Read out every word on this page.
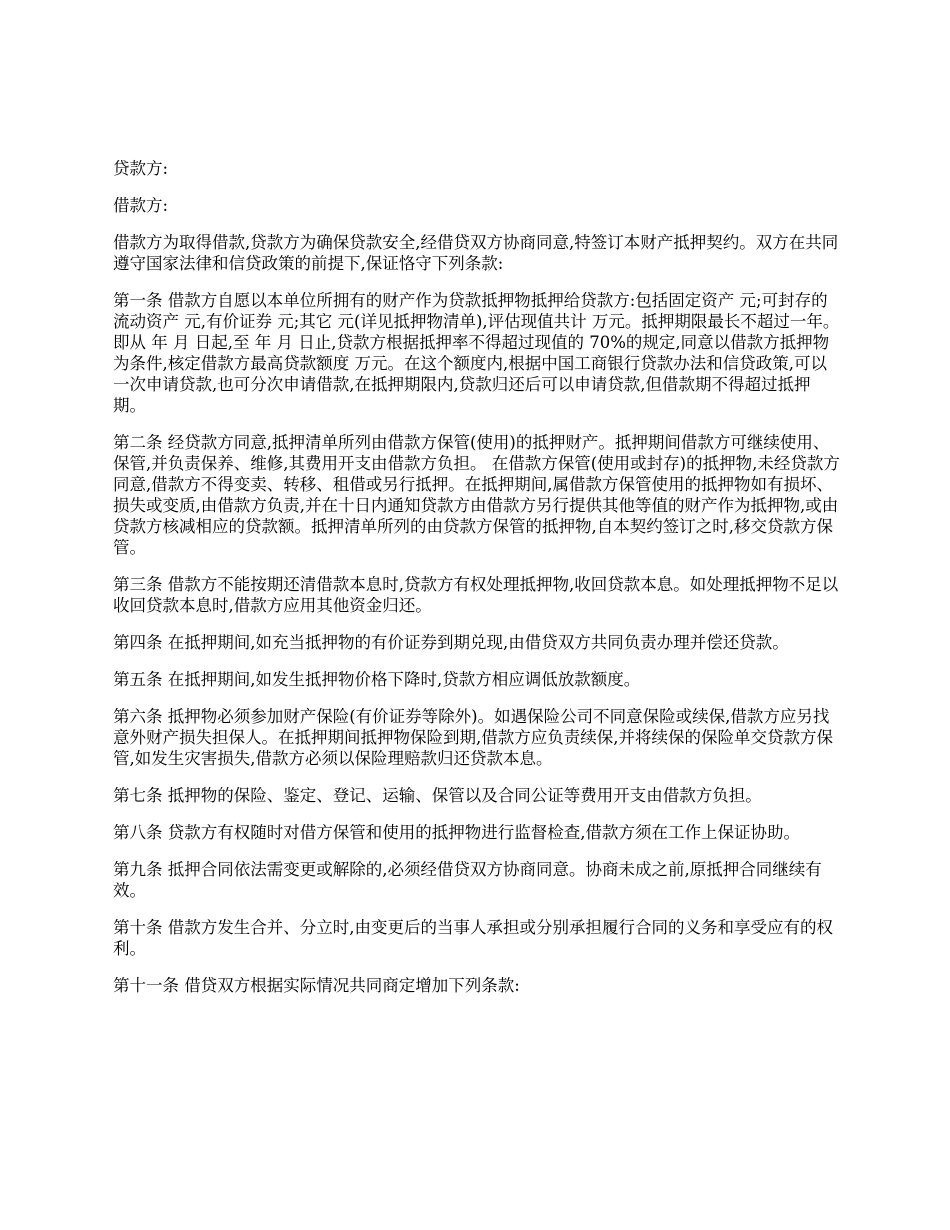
贷款方:

借款方:

借款方为取得借款,贷款方为确保贷款安全,经借贷双方协商同意,特签订本财产抵押契约。双方在共同遵守国家法律和信贷政策的前提下,保证恪守下列条款:

第一条 借款方自愿以本单位所拥有的财产作为贷款抵押物抵押给贷款方:包括固定资产 元;可封存的流动资产 元,有价证券 元;其它 元(详见抵押物清单),评估现值共计 万元。抵押期限最长不超过一年。即从 年 月 日起,至 年 月 日止,贷款方根据抵押率不得超过现值的 70%的规定,同意以借款方抵押物为条件,核定借款方最高贷款额度 万元。在这个额度内,根据中国工商银行贷款办法和信贷政策,可以一次申请贷款,也可分次申请借款,在抵押期限内,贷款归还后可以申请贷款,但借款期不得超过抵押期。

第二条 经贷款方同意,抵押清单所列由借款方保管(使用)的抵押财产。抵押期间借款方可继续使用、保管,并负责保养、维修,其费用开支由借款方负担。 在借款方保管(使用或封存)的抵押物,未经贷款方同意,借款方不得变卖、转移、租借或另行抵押。在抵押期间,属借款方保管使用的抵押物如有损坏、损失或变质,由借款方负责,并在十日内通知贷款方由借款方另行提供其他等值的财产作为抵押物,或由贷款方核减相应的贷款额。抵押清单所列的由贷款方保管的抵押物,自本契约签订之时,移交贷款方保管。

第三条 借款方不能按期还清借款本息时,贷款方有权处理抵押物,收回贷款本息。如处理抵押物不足以收回贷款本息时,借款方应用其他资金归还。

第四条 在抵押期间,如充当抵押物的有价证券到期兑现,由借贷双方共同负责办理并偿还贷款。

第五条 在抵押期间,如发生抵押物价格下降时,贷款方相应调低放款额度。

第六条 抵押物必须参加财产保险(有价证券等除外)。如遇保险公司不同意保险或续保,借款方应另找意外财产损失担保人。在抵押期间抵押物保险到期,借款方应负责续保,并将续保的保险单交贷款方保管,如发生灾害损失,借款方必须以保险理赔款归还贷款本息。

第七条 抵押物的保险、鉴定、登记、运输、保管以及合同公证等费用开支由借款方负担。

第八条 贷款方有权随时对借方保管和使用的抵押物进行监督检查,借款方须在工作上保证协助。

第九条 抵押合同依法需变更或解除的,必须经借贷双方协商同意。协商未成之前,原抵押合同继续有效。

第十条 借款方发生合并、分立时,由变更后的当事人承担或分别承担履行合同的义务和享受应有的权利。

第十一条 借贷双方根据实际情况共同商定增加下列条款:
